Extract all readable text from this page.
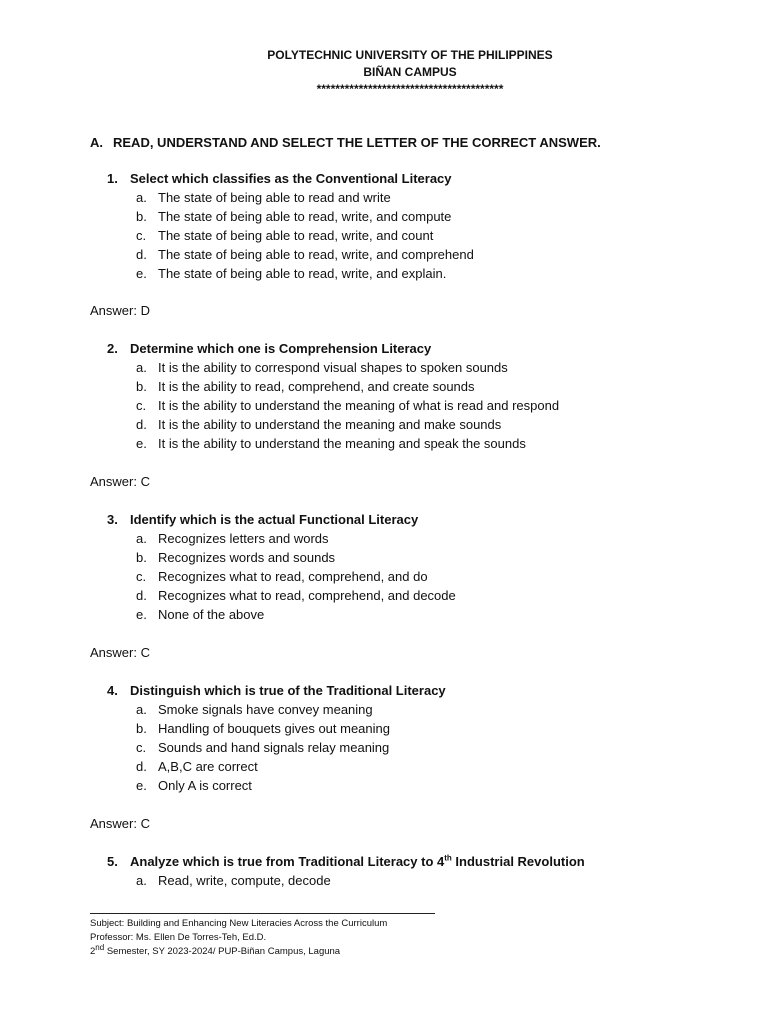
POLYTECHNIC UNIVERSITY OF THE PHILIPPINES
BIÑAN CAMPUS
****************************************
A. READ, UNDERSTAND AND SELECT THE LETTER OF THE CORRECT ANSWER.
1. Select which classifies as the Conventional Literacy
a. The state of being able to read and write
b. The state of being able to read, write, and compute
c. The state of being able to read, write, and count
d. The state of being able to read, write, and comprehend
e. The state of being able to read, write, and explain.
Answer: D
2. Determine which one is Comprehension Literacy
a. It is the ability to correspond visual shapes to spoken sounds
b. It is the ability to read, comprehend, and create sounds
c. It is the ability to understand the meaning of what is read and respond
d. It is the ability to understand the meaning and make sounds
e. It is the ability to understand the meaning and speak the sounds
Answer: C
3. Identify which is the actual Functional Literacy
a. Recognizes letters and words
b. Recognizes words and sounds
c. Recognizes what to read, comprehend, and do
d. Recognizes what to read, comprehend, and decode
e. None of the above
Answer: C
4. Distinguish which is true of the Traditional Literacy
a. Smoke signals have convey meaning
b. Handling of bouquets gives out meaning
c. Sounds and hand signals relay meaning
d. A,B,C are correct
e. Only A is correct
Answer: C
5. Analyze which is true from Traditional Literacy to 4th Industrial Revolution
a. Read, write, compute, decode
Subject: Building and Enhancing New Literacies Across the Curriculum
Professor: Ms. Ellen De Torres-Teh, Ed.D.
2nd Semester, SY 2023-2024/ PUP-Biñan Campus, Laguna
